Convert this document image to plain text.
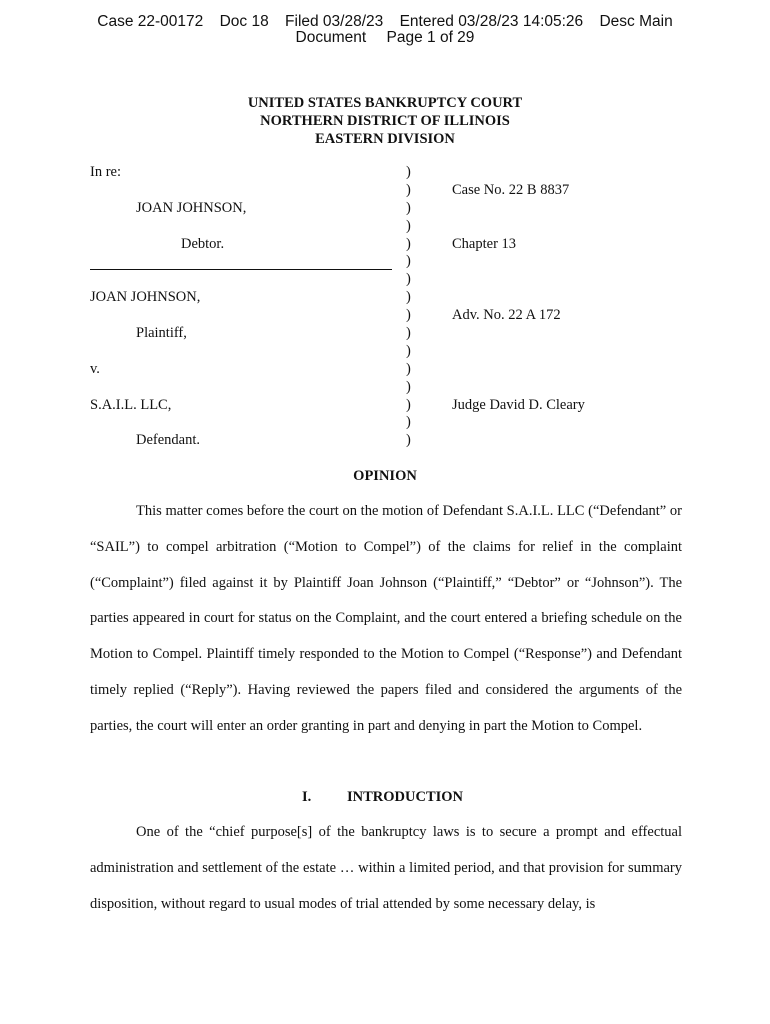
Case 22-00172 Doc 18 Filed 03/28/23 Entered 03/28/23 14:05:26 Desc Main
Document Page 1 of 29
UNITED STATES BANKRUPTCY COURT
NORTHERN DISTRICT OF ILLINOIS
EASTERN DIVISION
In re:
JOAN JOHNSON,
Debtor.
JOAN JOHNSON,
Plaintiff,
v.
S.A.I.L. LLC,
Defendant.
)
)
)
)
)
)
)
)
)
)
)
)
)
)
)
)
Case No. 22 B 8837
Chapter 13
Adv. No. 22 A 172
Judge David D. Cleary
OPINION
This matter comes before the court on the motion of Defendant S.A.I.L. LLC (“Defendant” or “SAIL”) to compel arbitration (“Motion to Compel”) of the claims for relief in the complaint (“Complaint”) filed against it by Plaintiff Joan Johnson (“Plaintiff,” “Debtor” or “Johnson”). The parties appeared in court for status on the Complaint, and the court entered a briefing schedule on the Motion to Compel. Plaintiff timely responded to the Motion to Compel (“Response”) and Defendant timely replied (“Reply”). Having reviewed the papers filed and considered the arguments of the parties, the court will enter an order granting in part and denying in part the Motion to Compel.
I. INTRODUCTION
One of the “chief purpose[s] of the bankruptcy laws is to secure a prompt and effectual administration and settlement of the estate … within a limited period, and that provision for summary disposition, without regard to usual modes of trial attended by some necessary delay, is
